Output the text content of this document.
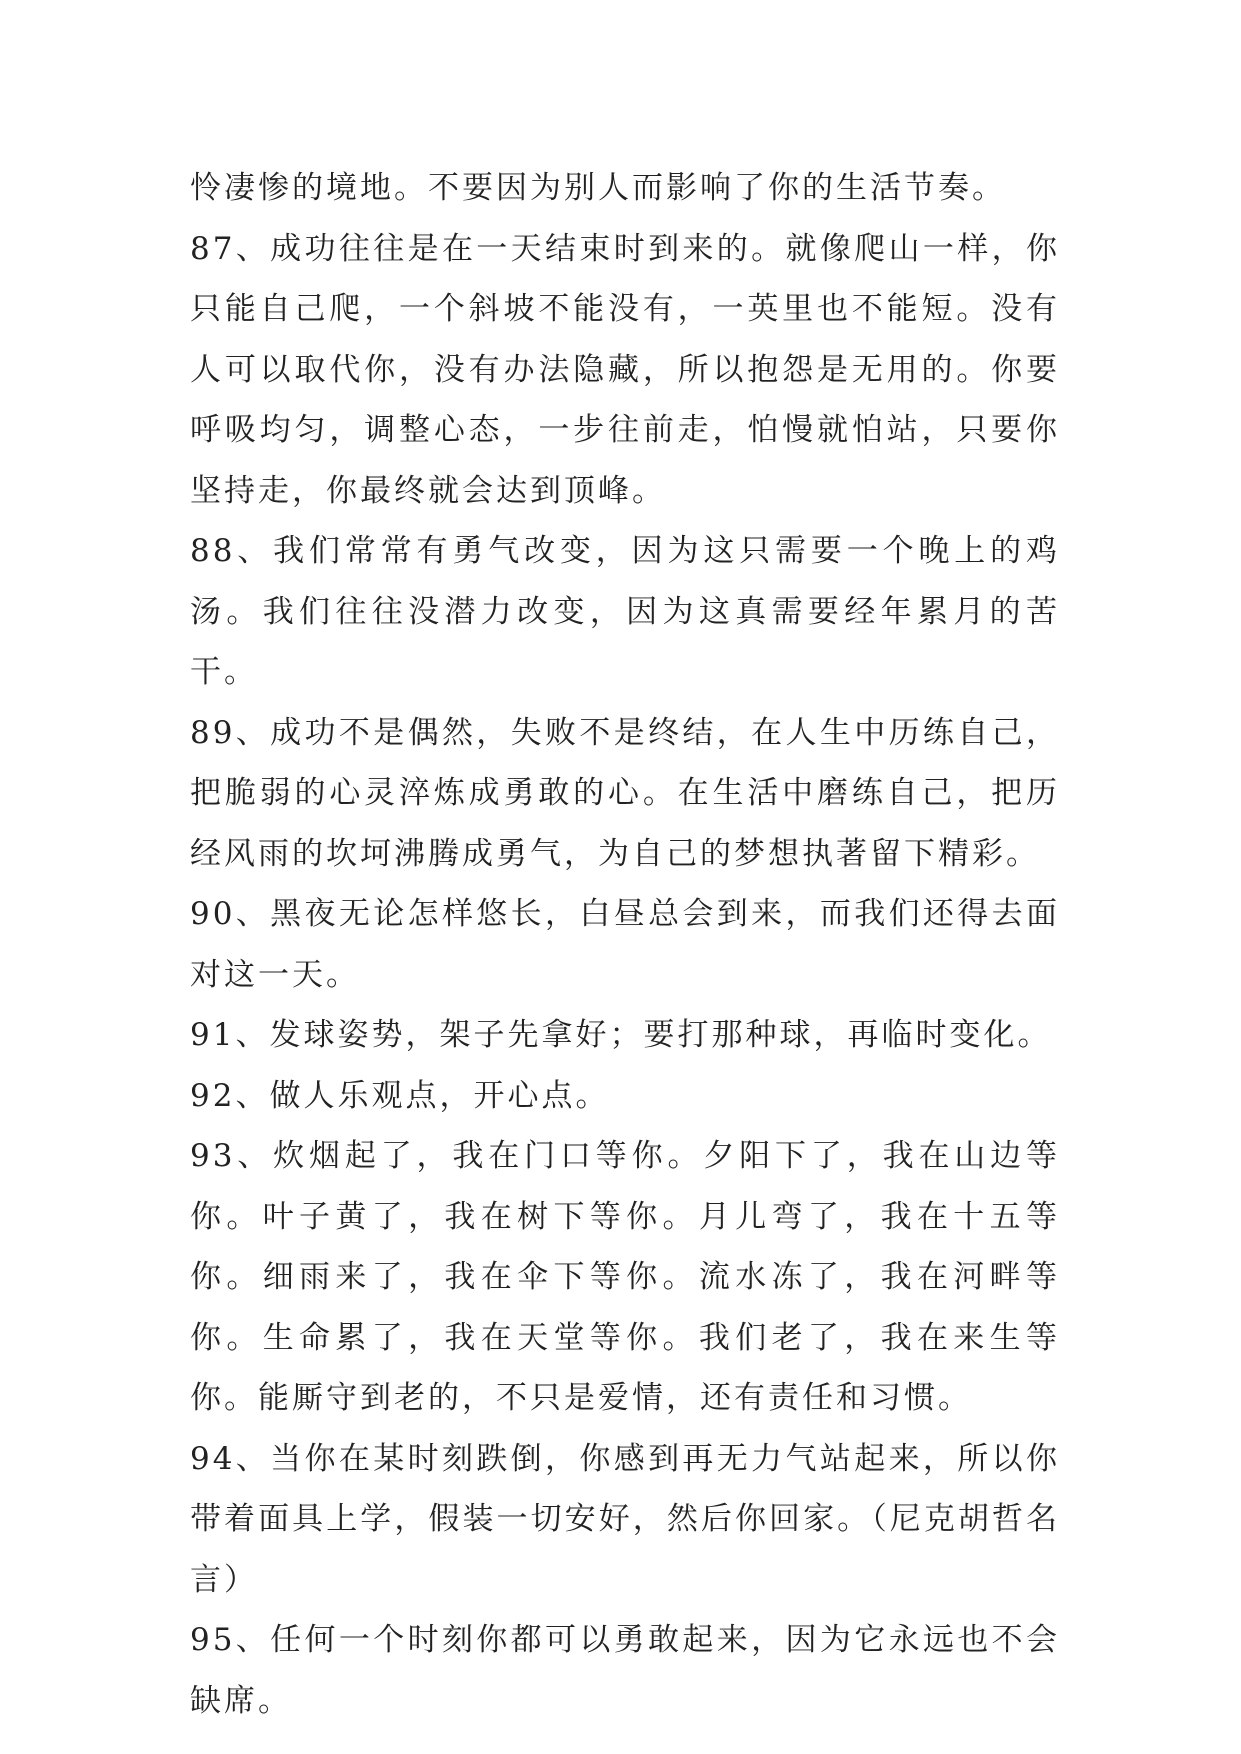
怜凄惨的境地。不要因为别人而影响了你的生活节奏。

87、成功往往是在一天结束时到来的。就像爬山一样，你只能自己爬，一个斜坡不能没有，一英里也不能短。没有人可以取代你，没有办法隐藏，所以抱怨是无用的。你要呼吸均匀，调整心态，一步往前走，怕慢就怕站，只要你坚持走，你最终就会达到顶峰。

88、我们常常有勇气改变，因为这只需要一个晚上的鸡汤。我们往往没潜力改变，因为这真需要经年累月的苦干。

89、成功不是偶然，失败不是终结，在人生中历练自己，把脆弱的心灵淬炼成勇敢的心。在生活中磨练自己，把历经风雨的坎坷沸腾成勇气，为自己的梦想执著留下精彩。

90、黑夜无论怎样悠长，白昼总会到来，而我们还得去面对这一天。

91、发球姿势，架子先拿好；要打那种球，再临时变化。

92、做人乐观点，开心点。

93、炊烟起了，我在门口等你。夕阳下了，我在山边等你。叶子黄了，我在树下等你。月儿弯了，我在十五等你。细雨来了，我在伞下等你。流水冻了，我在河畔等你。生命累了，我在天堂等你。我们老了，我在来生等你。能厮守到老的，不只是爱情，还有责任和习惯。

94、当你在某时刻跌倒，你感到再无力气站起来，所以你带着面具上学，假装一切安好，然后你回家。（尼克胡哲名言）

95、任何一个时刻你都可以勇敢起来，因为它永远也不会缺席。
